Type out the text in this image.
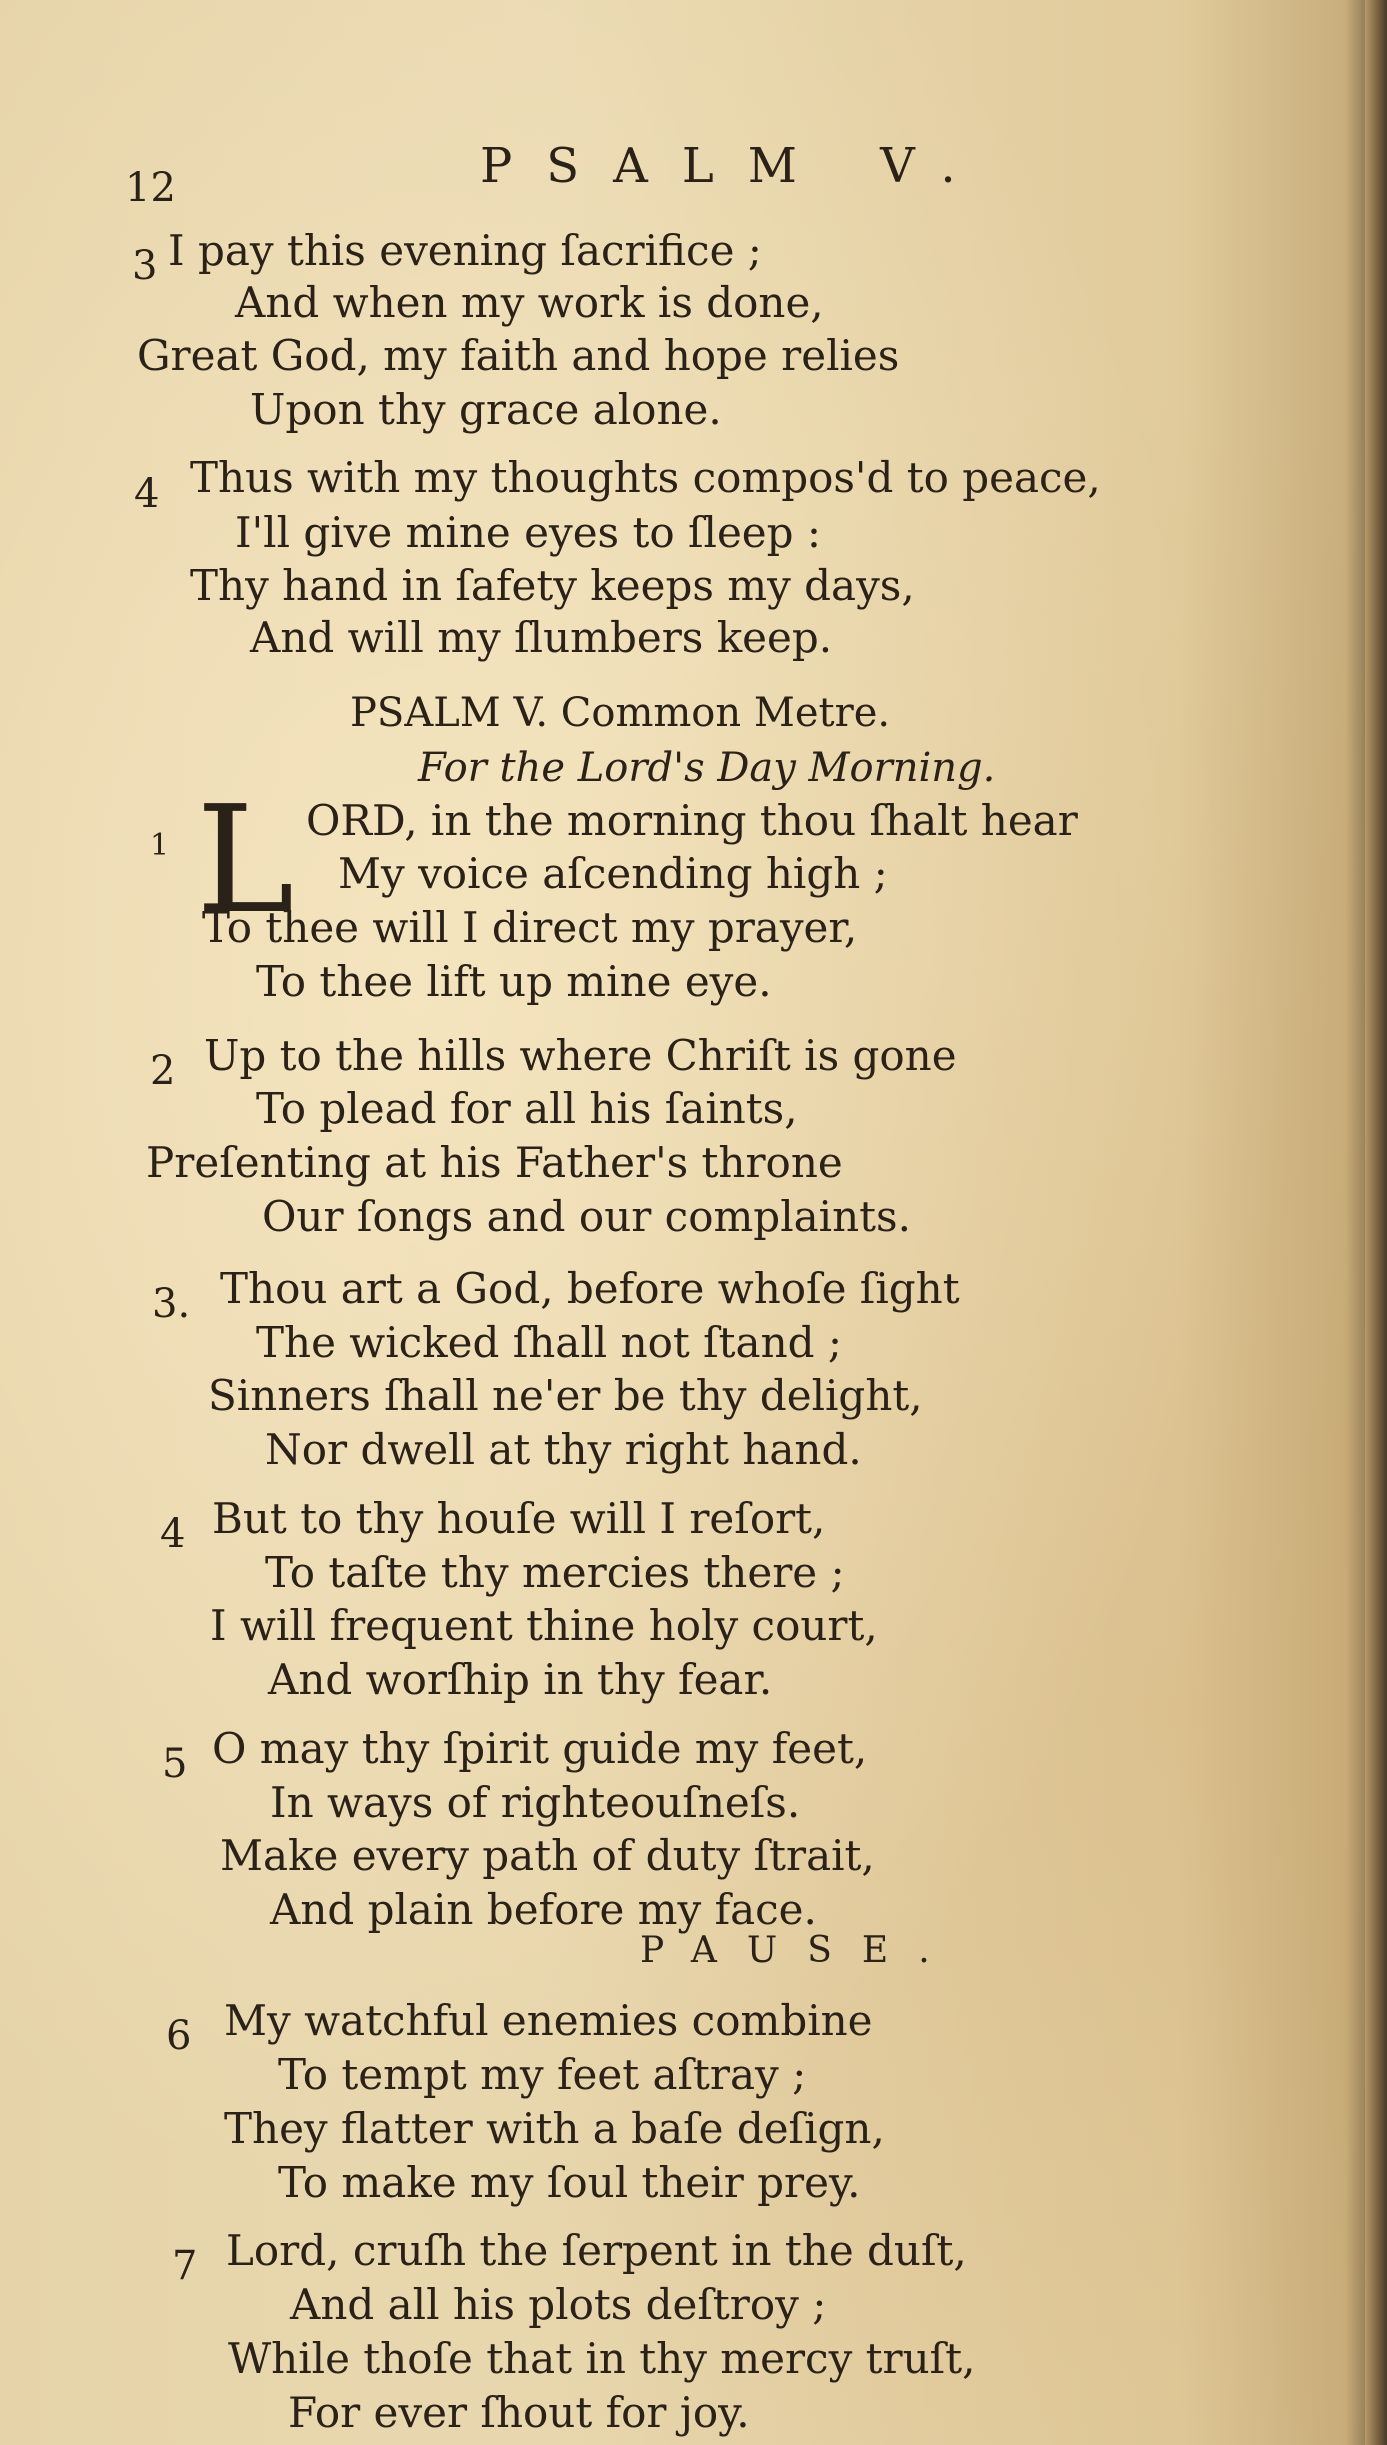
12	PSALM V.
3 I pay this evening ſacrifice ;
And when my work is done,
Great God, my faith and hope relies
Upon thy grace alone.
4 Thus with my thoughts compos'd to peace,
I'll give mine eyes to ſleep :
Thy hand in ſafety keeps my days,
And will my ſlumbers keep.
PSALM V. Common Metre.
For the Lord's Day Morning.
1 L ORD, in the morning thou ſhalt hear
My voice aſcending high ;
To thee will I direct my prayer,
To thee lift up mine eye.
2 Up to the hills where Chriſt is gone
To plead for all his ſaints,
Preſenting at his Father's throne
Our ſongs and our complaints.
3. Thou art a God, before whoſe ſight
The wicked ſhall not ſtand ;
Sinners ſhall ne'er be thy delight,
Nor dwell at thy right hand.
4 But to thy houſe will I reſort,
To taſte thy mercies there ;
I will frequent thine holy court,
And worſhip in thy fear.
5 O may thy ſpirit guide my feet,
In ways of righteouſneſs.
Make every path of duty ſtrait,
And plain before my face.
PAUSE.
6 My watchful enemies combine
To tempt my feet aſtray ;
They flatter with a baſe deſign,
To make my ſoul their prey.
7 Lord, cruſh the ſerpent in the duſt,
And all his plots deſtroy ;
While thoſe that in thy mercy truſt,
For ever ſhout for joy.
